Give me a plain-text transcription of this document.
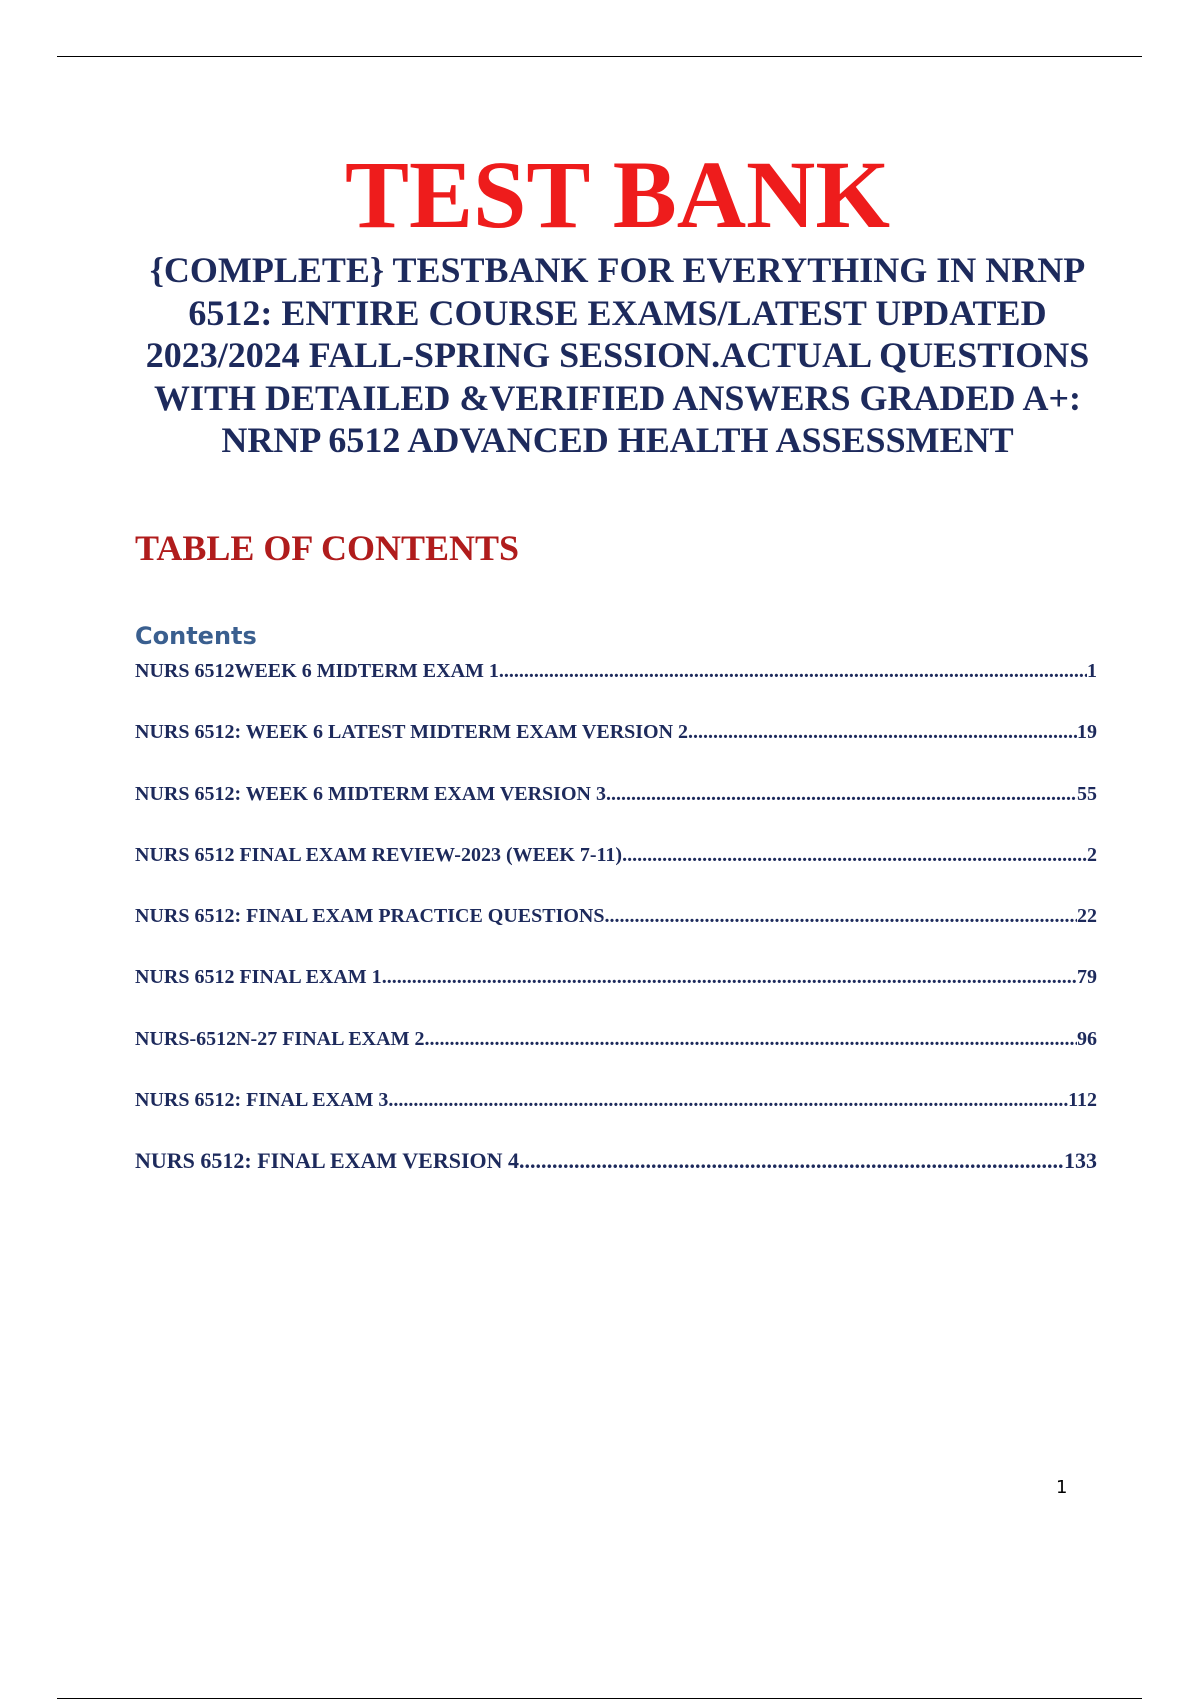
TEST BANK
{COMPLETE} TESTBANK FOR EVERYTHING IN NRNP
6512: ENTIRE COURSE EXAMS/LATEST UPDATED
2023/2024 FALL-SPRING SESSION.ACTUAL QUESTIONS
WITH DETAILED &VERIFIED ANSWERS GRADED A+:
NRNP 6512 ADVANCED HEALTH ASSESSMENT
TABLE OF CONTENTS
Contents
NURS 6512WEEK 6 MIDTERM EXAM 1 .....	1
NURS 6512: WEEK 6 LATEST MIDTERM EXAM VERSION 2 .....	19
NURS 6512: WEEK 6 MIDTERM EXAM VERSION 3 .....	55
NURS 6512 FINAL EXAM REVIEW-2023 (WEEK 7-11) .....	2
NURS 6512: FINAL EXAM PRACTICE QUESTIONS. .....	22
NURS 6512 FINAL EXAM 1 .....	79
NURS-6512N-27 FINAL EXAM 2 .....	96
NURS 6512: FINAL EXAM 3 .....	112
NURS 6512: FINAL EXAM VERSION 4 .....	133
1
